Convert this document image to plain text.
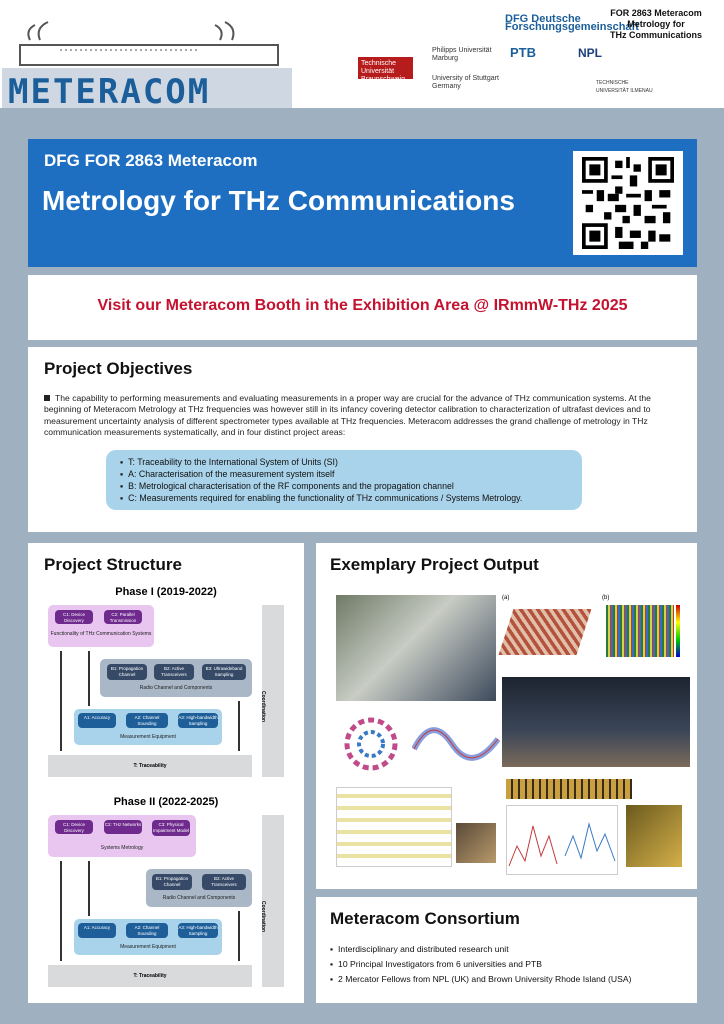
METERACOM
DFG Deutsche Forschungsgemeinschaft
Technische Universität Braunschweig
Philipps Universität Marburg	PTB	NPL
University of Stuttgart Germany	TECHNISCHE UNIVERSITÄT ILMENAU
FOR 2863 Meteracom
Metrology for
THz Communications
DFG FOR 2863 Meteracom
Metrology for THz Communications

Visit our Meteracom Booth in the Exhibition Area @ IRmmW-THz 2025

Project Objectives
The capability to performing measurements and evaluating measurements in a proper way are crucial for the advance of THz communication systems. At the beginning of Meteracom Metrology at THz frequencies was however still in its infancy covering detector calibration to characterization of ultrafast devices and to measurement uncertainty analysis of different spectrometer types available at THz frequencies. Meteracom addresses the grand challenge of metrology in THz communication measurements systematically, and in four distinct project areas:
▪ T: Traceability to the International System of Units (SI)
▪ A: Characterisation of the measurement system itself
▪ B: Metrological characterisation of the RF components and the propagation channel
▪ C: Measurements required for enabling the functionality of THz communications / Systems Metrology.
Project Structure
Phase I (2019-2022)
C1: Device Discovery
C2: Parallel Transmission
Functionality of THz Communication Systems
B1: Propagation Channel
B2: Active Transceivers
B3: Ultrawideband Sampling
Radio Channel and Components
A1: Accuracy	A2: Channel Sounding
A3: High-bandwidth Sampling
Measurement Equipment
T: Traceability
Coordination
Phase II (2022-2025)
C1: Device Discovery
C2: THz Networks	C3: Physical Impairment Model
Systems Metrology
B1: Propagation Channel
B2: Active Transceivers
Radio Channel and Components
A1: Accuracy	A2: Channel Sounding
A3: High-bandwidth Sampling
Measurement Equipment
T: Traceability
Coordination
Exemplary Project Output
(a)	(b)
Meteracom Consortium
▪ Interdisciplinary and distributed research unit
▪ 10 Principal Investigators from 6 universities and PTB
▪ 2 Mercator Fellows from NPL (UK) and Brown University Rhode Island (USA)
